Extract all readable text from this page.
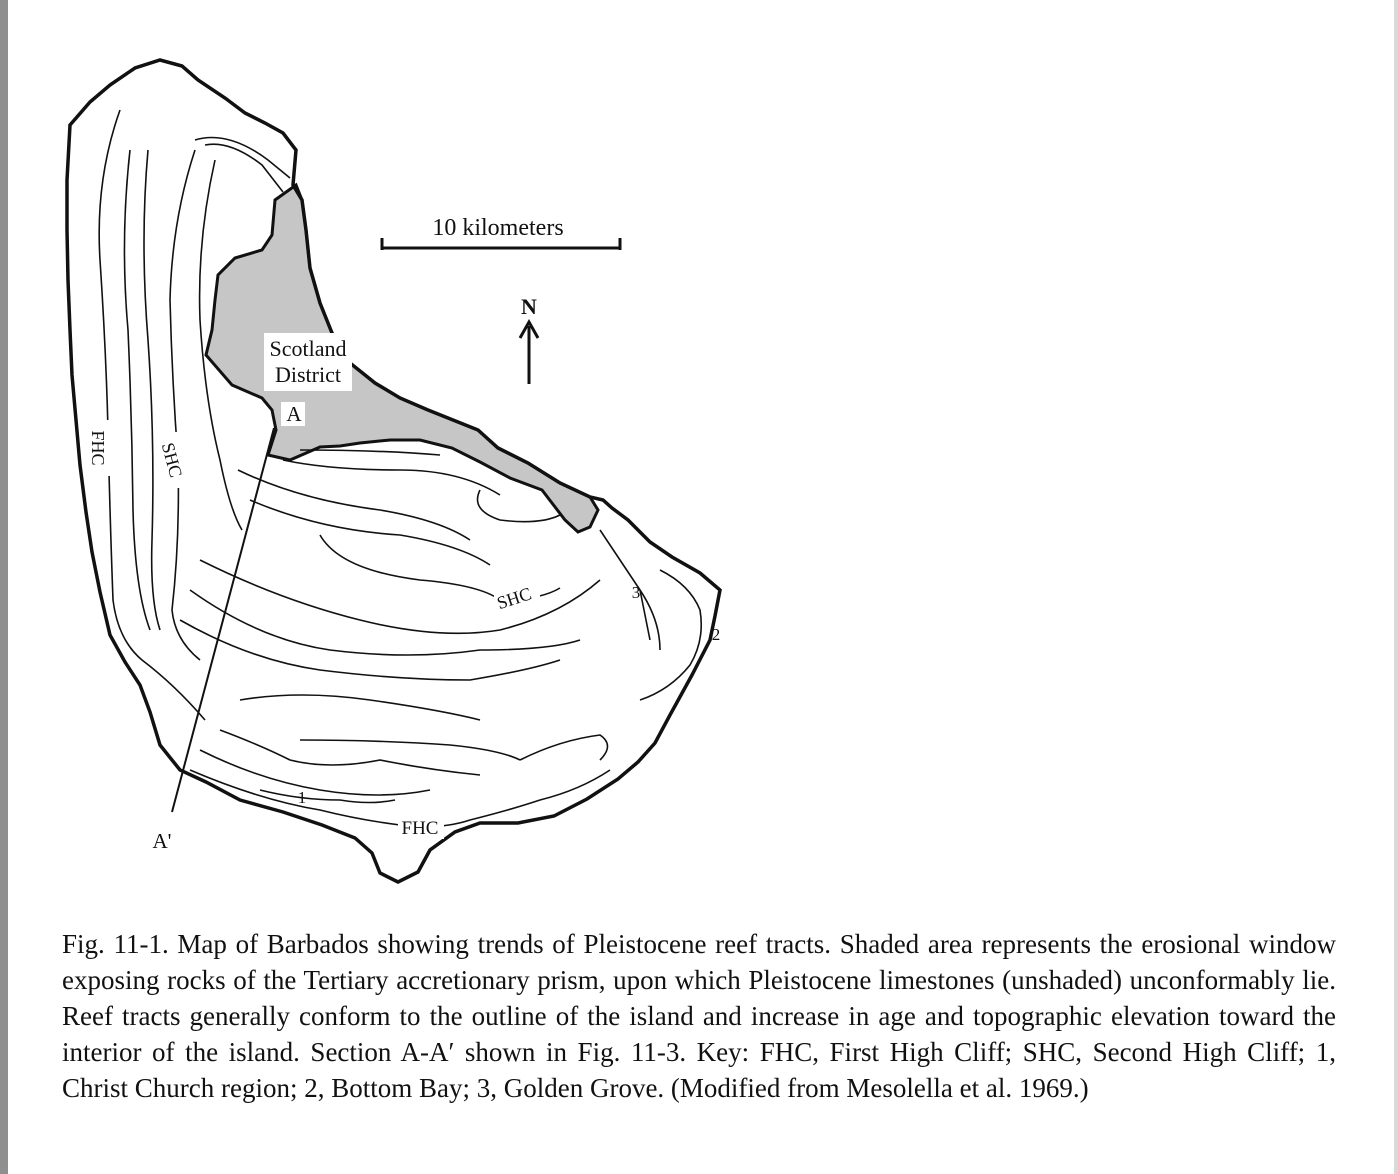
10 kilometers
N
Scotland
District
A
A'
FHC	SHC
SHC
FHC
1
2
3
Fig. 11-1. Map of Barbados showing trends of Pleistocene reef tracts. Shaded area represents the erosional window exposing rocks of the Tertiary accretionary prism, upon which Pleistocene limestones (unshaded) unconformably lie. Reef tracts generally conform to the outline of the island and increase in age and topographic elevation toward the interior of the island. Section A-A′ shown in Fig. 11-3. Key: FHC, First High Cliff; SHC, Second High Cliff; 1, Christ Church region; 2, Bottom Bay; 3, Golden Grove. (Modified from Mesolella et al. 1969.)
